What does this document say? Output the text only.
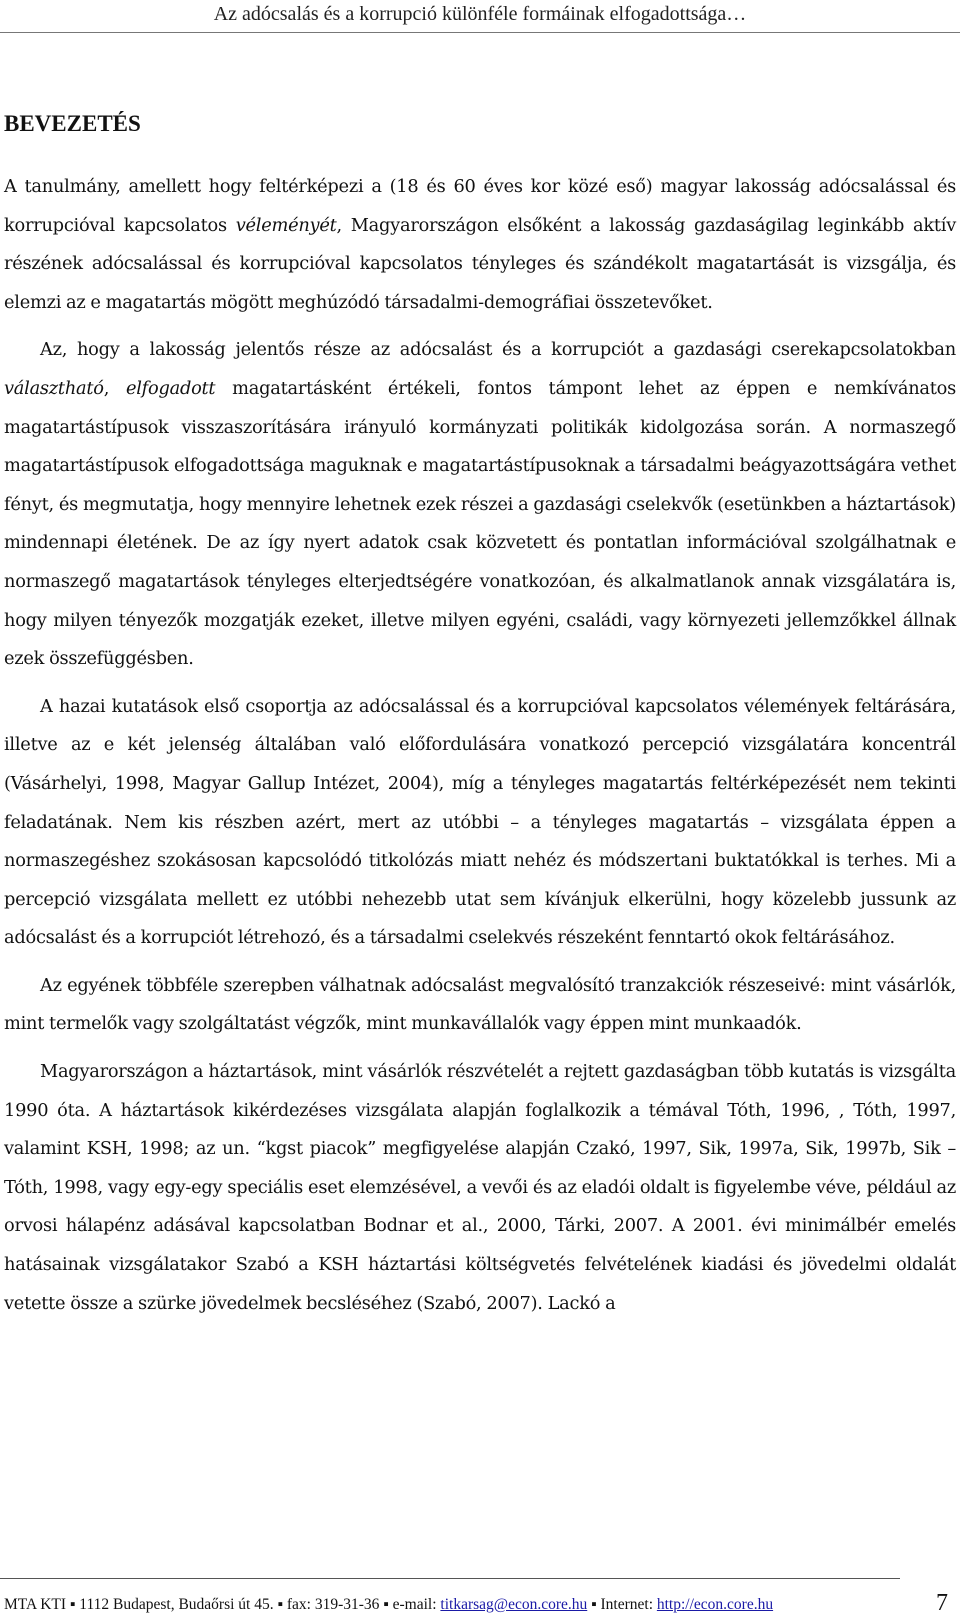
Az adócsalás és a korrupció különféle formáinak elfogadottsága…
BEVEZETÉS

A tanulmány, amellett hogy feltérképezi a (18 és 60 éves kor közé eső) magyar lakosság adócsalással és korrupcióval kapcsolatos véleményét, Magyarországon elsőként a lakosság gazdaságilag leginkább aktív részének adócsalással és korrupcióval kapcsolatos tényleges és szándékolt magatartását is vizsgálja, és elemzi az e magatartás mögött meghúzódó társadalmi-demográfiai összetevőket.

Az, hogy a lakosság jelentős része az adócsalást és a korrupciót a gazdasági cserekapcsolatokban választható, elfogadott magatartásként értékeli, fontos támpont lehet az éppen e nemkívánatos magatartástípusok visszaszorítására irányuló kormányzati politikák kidolgozása során. A normaszegő magatartástípusok elfogadottsága maguknak e magatartástípusoknak a társadalmi beágyazottságára vethet fényt, és megmutatja, hogy mennyire lehetnek ezek részei a gazdasági cselekvők (esetünkben a háztartások) mindennapi életének. De az így nyert adatok csak közvetett és pontatlan információval szolgálhatnak e normaszegő magatartások tényleges elterjedtségére vonatkozóan, és alkalmatlanok annak vizsgálatára is, hogy milyen tényezők mozgatják ezeket, illetve milyen egyéni, családi, vagy környezeti jellemzőkkel állnak ezek összefüggésben.

A hazai kutatások első csoportja az adócsalással és a korrupcióval kapcsolatos vélemények feltárására, illetve az e két jelenség általában való előfordulására vonatkozó percepció vizsgálatára koncentrál (Vásárhelyi, 1998, Magyar Gallup Intézet, 2004), míg a tényleges magatartás feltérképezését nem tekinti feladatának. Nem kis részben azért, mert az utóbbi – a tényleges magatartás – vizsgálata éppen a normaszegéshez szokásosan kapcsolódó titkolózás miatt nehéz és módszertani buktatókkal is terhes. Mi a percepció vizsgálata mellett ez utóbbi nehezebb utat sem kívánjuk elkerülni, hogy közelebb jussunk az adócsalást és a korrupciót létrehozó, és a társadalmi cselekvés részeként fenntartó okok feltárásához.

Az egyének többféle szerepben válhatnak adócsalást megvalósító tranzakciók részeseivé: mint vásárlók, mint termelők vagy szolgáltatást végzők, mint munkavállalók vagy éppen mint munkaadók.

Magyarországon a háztartások, mint vásárlók részvételét a rejtett gazdaságban több kutatás is vizsgálta 1990 óta. A háztartások kikérdezéses vizsgálata alapján foglalkozik a témával Tóth, 1996, , Tóth, 1997, valamint KSH, 1998; az un. “kgst piacok” megfigyelése alapján Czakó, 1997, Sik, 1997a, Sik, 1997b, Sik – Tóth, 1998, vagy egy-egy speciális eset elemzésével, a vevői és az eladói oldalt is figyelembe véve, például az orvosi hálapénz adásával kapcsolatban Bodnar et al., 2000, Tárki, 2007. A 2001. évi minimálbér emelés hatásainak vizsgálatakor Szabó a KSH háztartási költségvetés felvételének kiadási és jövedelmi oldalát vetette össze a szürke jövedelmek becsléséhez (Szabó, 2007). Lackó a

MTA KTI ▪ 1112 Budapest, Budaőrsi út 45. ▪ fax: 319-31-36 ▪ e-mail: titkarsag@econ.core.hu ▪ Internet: http://econ.core.hu	7
